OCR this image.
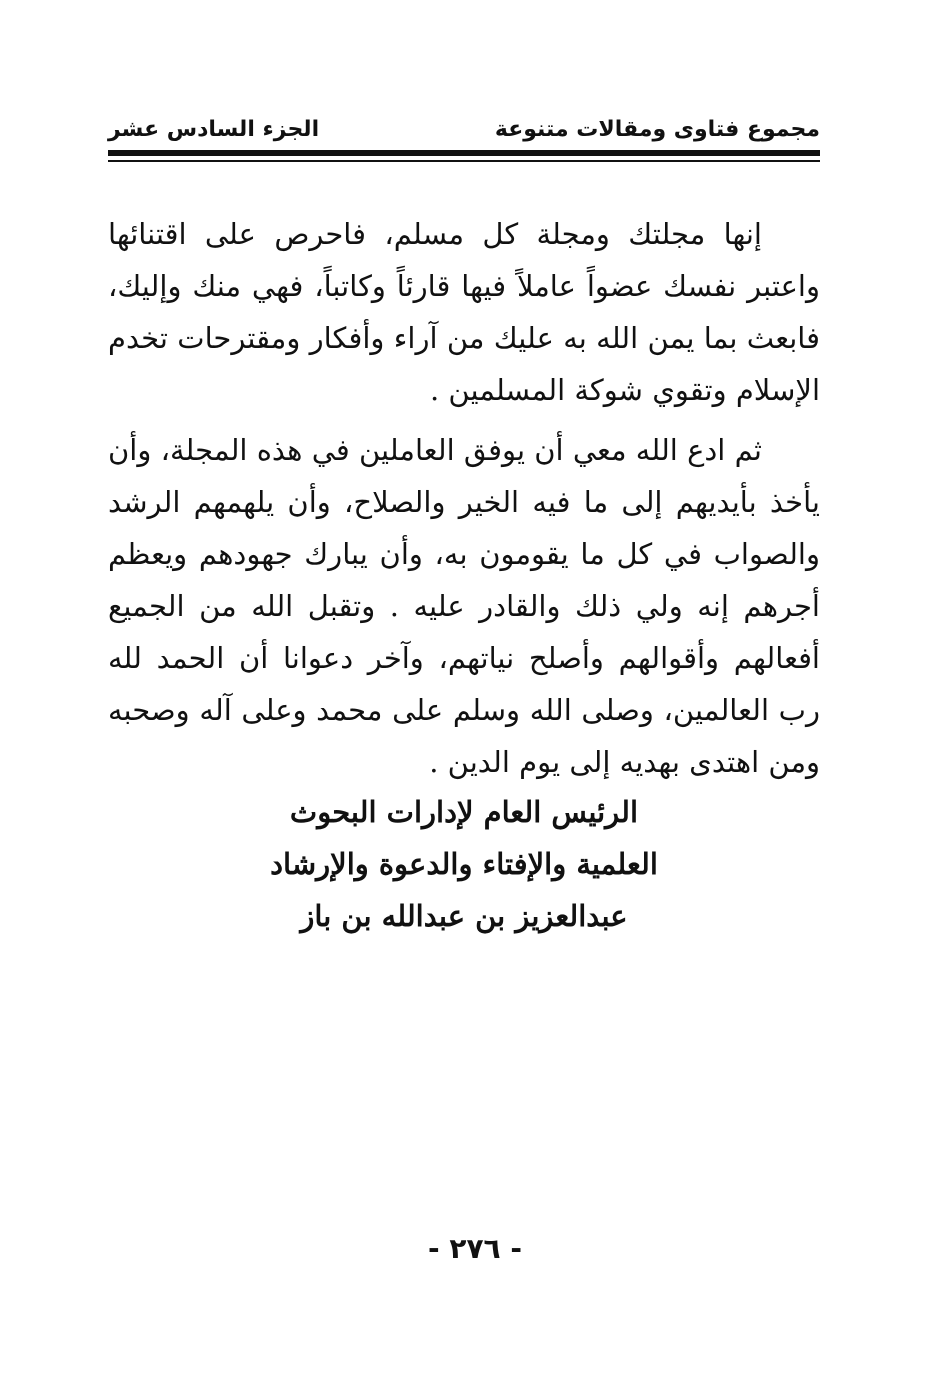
مجموع فتاوى ومقالات متنوعة
الجزء السادس عشر

إنها مجلتك ومجلة كل مسلم، فاحرص على اقتنائها واعتبر نفسك عضواً عاملاً فيها قارئاً وكاتباً، فهي منك وإليك، فابعث بما يمن الله به عليك من آراء وأفكار ومقترحات تخدم الإسلام وتقوي شوكة المسلمين .

ثم ادع الله معي أن يوفق العاملين في هذه المجلة، وأن يأخذ بأيديهم إلى ما فيه الخير والصلاح، وأن يلهمهم الرشد والصواب في كل ما يقومون به، وأن يبارك جهودهم ويعظم أجرهم إنه ولي ذلك والقادر عليه . وتقبل الله من الجميع أفعالهم وأقوالهم وأصلح نياتهم، وآخر دعوانا أن الحمد لله رب العالمين، وصلى الله وسلم على محمد وعلى آله وصحبه ومن اهتدى بهديه إلى يوم الدين .

الرئيس العام لإدارات البحوث
العلمية والإفتاء والدعوة والإرشاد
عبدالعزيز بن عبدالله بن باز
- ٢٧٦ -
